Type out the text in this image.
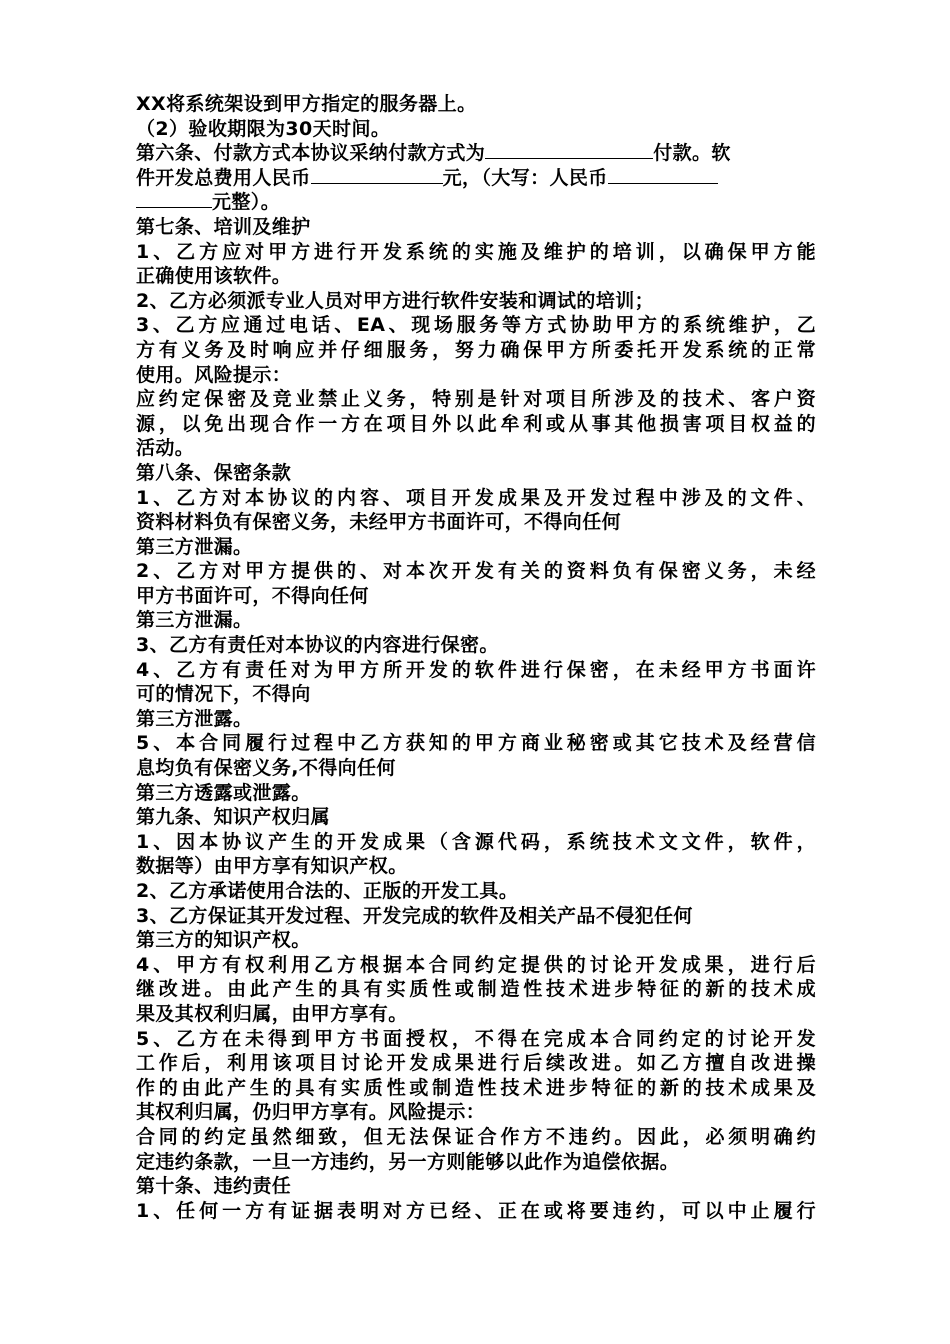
XX将系统架设到甲方指定的服务器上。
（2）验收期限为30天时间。
第六条、付款方式本协议采纳付款方式为	付款。软
件开发总费用人民币	元，（大写：人民币
元整）。
第七条、培训及维护
1、乙方应对甲方进行开发系统的实施及维护的培训，以确保甲方能
正确使用该软件。
2、乙方必须派专业人员对甲方进行软件安装和调试的培训；
3、乙方应通过电话、EA、现场服务等方式协助甲方的系统维护，乙
方有义务及时响应并仔细服务，努力确保甲方所委托开发系统的正常
使用。风险提示：
应约定保密及竞业禁止义务，特别是针对项目所涉及的技术、客户资
源，以免出现合作一方在项目外以此牟利或从事其他损害项目权益的
活动。
第八条、保密条款
1、乙方对本协议的内容、项目开发成果及开发过程中涉及的文件、
资料材料负有保密义务，未经甲方书面许可，不得向任何
第三方泄漏。
2、乙方对甲方提供的、对本次开发有关的资料负有保密义务，未经
甲方书面许可，不得向任何
第三方泄漏。
3、乙方有责任对本协议的内容进行保密。
4、乙方有责任对为甲方所开发的软件进行保密，在未经甲方书面许
可的情况下，不得向
第三方泄露。
5、本合同履行过程中乙方获知的甲方商业秘密或其它技术及经营信
息均负有保密义务,不得向任何
第三方透露或泄露。
第九条、知识产权归属
1、因本协议产生的开发成果（含源代码，系统技术文文件，软件，
数据等）由甲方享有知识产权。
2、乙方承诺使用合法的、正版的开发工具。
3、乙方保证其开发过程、开发完成的软件及相关产品不侵犯任何
第三方的知识产权。
4、甲方有权利用乙方根据本合同约定提供的讨论开发成果，进行后
继改进。由此产生的具有实质性或制造性技术进步特征的新的技术成
果及其权利归属，由甲方享有。
5、乙方在未得到甲方书面授权，不得在完成本合同约定的讨论开发
工作后，利用该项目讨论开发成果进行后续改进。如乙方擅自改进操
作的由此产生的具有实质性或制造性技术进步特征的新的技术成果及
其权利归属，仍归甲方享有。风险提示：
合同的约定虽然细致，但无法保证合作方不违约。因此，必须明确约
定违约条款，一旦一方违约，另一方则能够以此作为追偿依据。
第十条、违约责任
1、任何一方有证据表明对方已经、正在或将要违约，可以中止履行
